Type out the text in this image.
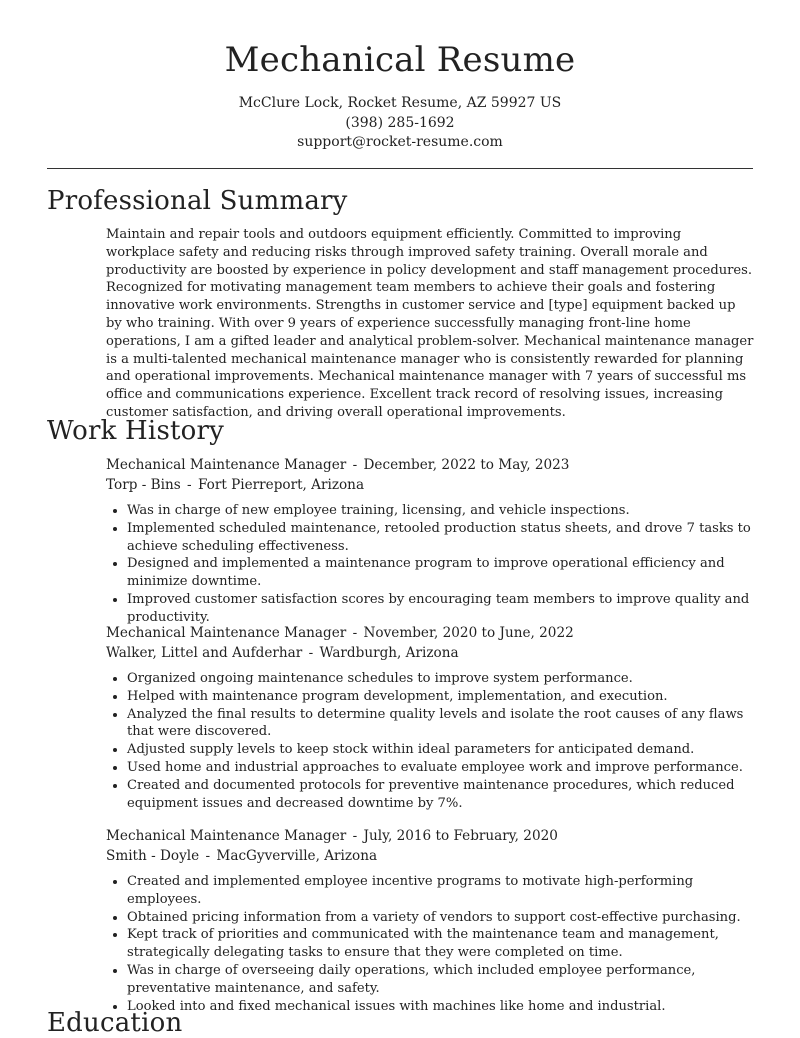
Mechanical Resume
McClure Lock, Rocket Resume, AZ 59927 US
(398) 285-1692
support@rocket-resume.com
Professional Summary
Maintain and repair tools and outdoors equipment efficiently. Committed to improving workplace safety and reducing risks through improved safety training. Overall morale and productivity are boosted by experience in policy development and staff management procedures. Recognized for motivating management team members to achieve their goals and fostering innovative work environments. Strengths in customer service and [type] equipment backed up by who training. With over 9 years of experience successfully managing front-line home operations, I am a gifted leader and analytical problem-solver. Mechanical maintenance manager is a multi-talented mechanical maintenance manager who is consistently rewarded for planning and operational improvements. Mechanical maintenance manager with 7 years of successful ms office and communications experience. Excellent track record of resolving issues, increasing customer satisfaction, and driving overall operational improvements.
Work History
Mechanical Maintenance Manager - December, 2022 to May, 2023
Torp - Bins - Fort Pierreport, Arizona
• Was in charge of new employee training, licensing, and vehicle inspections.
• Implemented scheduled maintenance, retooled production status sheets, and drove 7 tasks to achieve scheduling effectiveness.
• Designed and implemented a maintenance program to improve operational efficiency and minimize downtime.
• Improved customer satisfaction scores by encouraging team members to improve quality and productivity.
Mechanical Maintenance Manager - November, 2020 to June, 2022
Walker, Littel and Aufderhar - Wardburgh, Arizona
• Organized ongoing maintenance schedules to improve system performance.
• Helped with maintenance program development, implementation, and execution.
• Analyzed the final results to determine quality levels and isolate the root causes of any flaws that were discovered.
• Adjusted supply levels to keep stock within ideal parameters for anticipated demand.
• Used home and industrial approaches to evaluate employee work and improve performance.
• Created and documented protocols for preventive maintenance procedures, which reduced equipment issues and decreased downtime by 7%.
Mechanical Maintenance Manager - July, 2016 to February, 2020
Smith - Doyle - MacGyverville, Arizona
• Created and implemented employee incentive programs to motivate high-performing employees.
• Obtained pricing information from a variety of vendors to support cost-effective purchasing.
• Kept track of priorities and communicated with the maintenance team and management, strategically delegating tasks to ensure that they were completed on time.
• Was in charge of overseeing daily operations, which included employee performance, preventative maintenance, and safety.
• Looked into and fixed mechanical issues with machines like home and industrial.
Education
